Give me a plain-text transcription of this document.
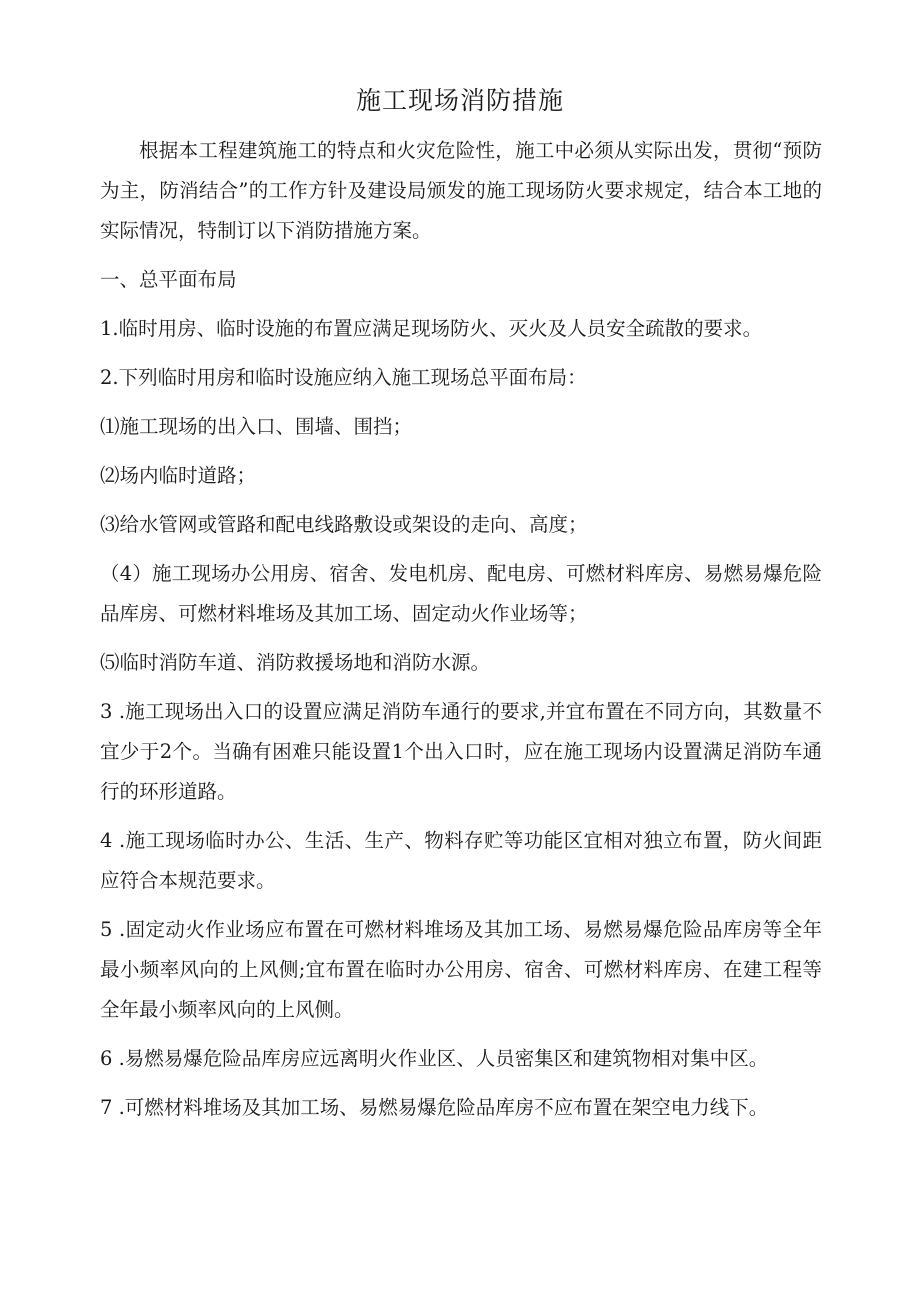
施工现场消防措施

根据本工程建筑施工的特点和火灾危险性，施工中必须从实际出发，贯彻“预防为主，防消结合”的工作方针及建设局颁发的施工现场防火要求规定，结合本工地的实际情况，特制订以下消防措施方案。

一、总平面布局

1.临时用房、临时设施的布置应满足现场防火、灭火及人员安全疏散的要求。

2.下列临时用房和临时设施应纳入施工现场总平面布局：

⑴施工现场的出入口、围墙、围挡；

⑵场内临时道路；

⑶给水管网或管路和配电线路敷设或架设的走向、高度；

（4）施工现场办公用房、宿舍、发电机房、配电房、可燃材料库房、易燃易爆危险品库房、可燃材料堆场及其加工场、固定动火作业场等；

⑸临时消防车道、消防救援场地和消防水源。

3 .施工现场出入口的设置应满足消防车通行的要求,并宜布置在不同方向，其数量不宜少于2个。当确有困难只能设置1个出入口时，应在施工现场内设置满足消防车通行的环形道路。

4 .施工现场临时办公、生活、生产、物料存贮等功能区宜相对独立布置，防火间距应符合本规范要求。

5 .固定动火作业场应布置在可燃材料堆场及其加工场、易燃易爆危险品库房等全年最小频率风向的上风侧;宜布置在临时办公用房、宿舍、可燃材料库房、在建工程等全年最小频率风向的上风侧。

6 .易燃易爆危险品库房应远离明火作业区、人员密集区和建筑物相对集中区。

7 .可燃材料堆场及其加工场、易燃易爆危险品库房不应布置在架空电力线下。
